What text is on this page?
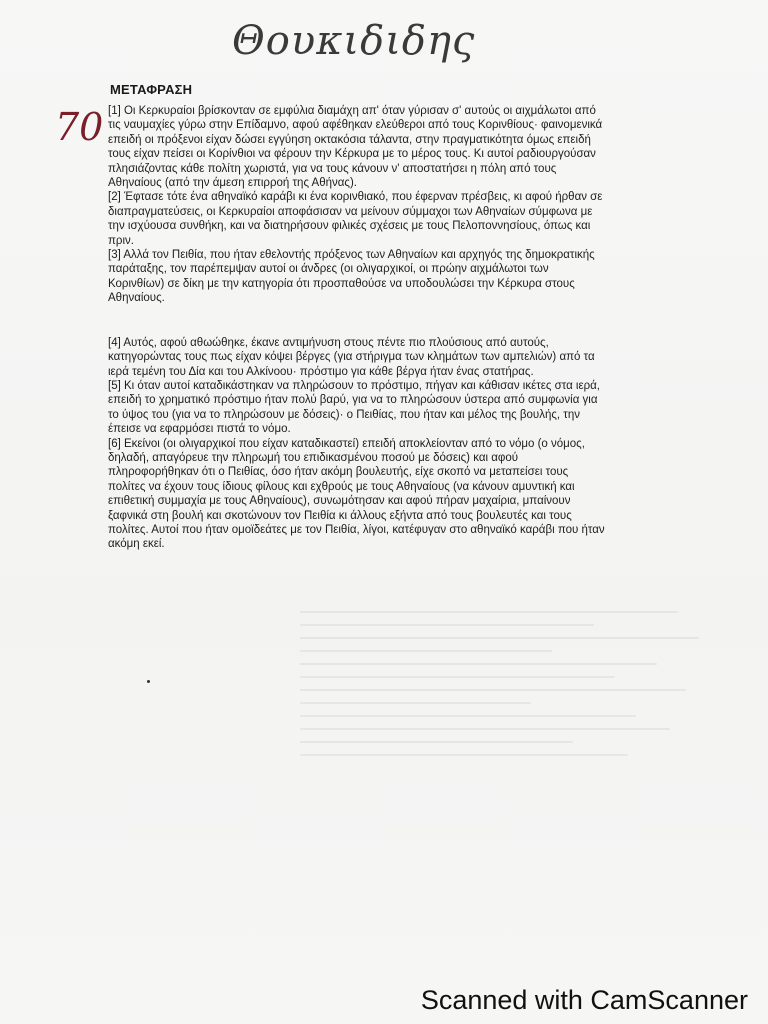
Θουκιδιδης
ΜΕΤΑΦΡΑΣΗ
70 [1] Οι Κερκυραίοι βρίσκονταν σε εμφύλια διαμάχη απ' όταν γύρισαν σ' αυτούς οι αιχμάλωτοι από τις ναυμαχίες γύρω στην Επίδαμνο, αφού αφέθηκαν ελεύθεροι από τους Κορινθίους· φαινομενικά επειδή οι πρόξενοι είχαν δώσει εγγύηση οκτακόσια τάλαντα, στην πραγματικότητα όμως επειδή τους είχαν πείσει οι Κορίνθιοι να φέρουν την Κέρκυρα με το μέρος τους. Κι αυτοί ραδιουργούσαν πλησιάζοντας κάθε πολίτη χωριστά, για να τους κάνουν ν' αποστατήσει η πόλη από τους Αθηναίους (από την άμεση επιρροή της Αθήνας).

[2] Έφτασε τότε ένα αθηναϊκό καράβι κι ένα κορινθιακό, που έφερναν πρέσβεις, κι αφού ήρθαν σε διαπραγματεύσεις, οι Κερκυραίοι αποφάσισαν να μείνουν σύμμαχοι των Αθηναίων σύμφωνα με την ισχύουσα συνθήκη, και να διατηρήσουν φιλικές σχέσεις με τους Πελοποννησίους, όπως και πριν.

[3] Αλλά τον Πειθία, που ήταν εθελοντής πρόξενος των Αθηναίων και αρχηγός της δημοκρατικής παράταξης, τον παρέπεμψαν αυτοί οι άνδρες (οι ολιγαρχικοί, οι πρώην αιχμάλωτοι των Κορινθίων) σε δίκη με την κατηγορία ότι προσπαθούσε να υποδουλώσει την Κέρκυρα στους Αθηναίους.

[4] Αυτός, αφού αθωώθηκε, έκανε αντιμήνυση στους πέντε πιο πλούσιους από αυτούς, κατηγορώντας τους πως είχαν κόψει βέργες (για στήριγμα των κλημάτων των αμπελιών) από τα ιερά τεμένη του Δία και του Αλκίνοου· πρόστιμο για κάθε βέργα ήταν ένας στατήρας.

[5] Κι όταν αυτοί καταδικάστηκαν να πληρώσουν το πρόστιμο, πήγαν και κάθισαν ικέτες στα ιερά, επειδή το χρηματικό πρόστιμο ήταν πολύ βαρύ, για να το πληρώσουν ύστερα από συμφωνία για το ύψος του (για να το πληρώσουν με δόσεις)· ο Πειθίας, που ήταν και μέλος της βουλής, την έπεισε να εφαρμόσει πιστά το νόμο.

[6] Εκείνοι (οι ολιγαρχικοί που είχαν καταδικαστεί) επειδή αποκλείονταν από το νόμο (ο νόμος, δηλαδή, απαγόρευε την πληρωμή του επιδικασμένου ποσού με δόσεις) και αφού πληροφορήθηκαν ότι ο Πειθίας, όσο ήταν ακόμη βουλευτής, είχε σκοπό να μεταπείσει τους πολίτες να έχουν τους ίδιους φίλους και εχθρούς με τους Αθηναίους (να κάνουν αμυντική και επιθετική συμμαχία με τους Αθηναίους), συνωμότησαν και αφού πήραν μαχαίρια, μπαίνουν ξαφνικά στη βουλή και σκοτώνουν τον Πειθία κι άλλους εξήντα από τους βουλευτές και τους πολίτες. Αυτοί που ήταν ομοϊδεάτες με τον Πειθία, λίγοι, κατέφυγαν στο αθηναϊκό καράβι που ήταν ακόμη εκεί.

Scanned with CamScanner
